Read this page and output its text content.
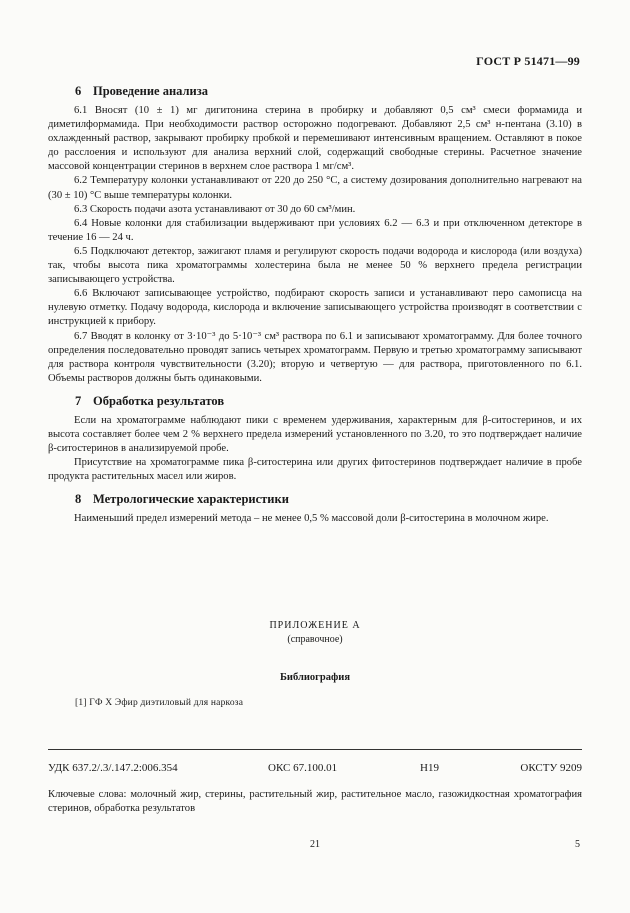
ГОСТ Р 51471—99
6 Проведение анализа

6.1 Вносят (10 ± 1) мг дигитонина стерина в пробирку и добавляют 0,5 см³ смеси формамида и диметилформамида. При необходимости раствор осторожно подогревают. Добавляют 2,5 см³ н-пентана (3.10) в охлажденный раствор, закрывают пробирку пробкой и перемешивают интенсивным вращением. Оставляют в покое до расслоения и используют для анализа верхний слой, содержащий свободные стерины. Расчетное значение массовой концентрации стеринов в верхнем слое раствора 1 мг/см³.

6.2 Температуру колонки устанавливают от 220 до 250 °С, а систему дозирования дополнительно нагревают на (30 ± 10) °С выше температуры колонки.

6.3 Скорость подачи азота устанавливают от 30 до 60 см³/мин.

6.4 Новые колонки для стабилизации выдерживают при условиях 6.2 — 6.3 и при отключенном детекторе в течение 16 — 24 ч.

6.5 Подключают детектор, зажигают пламя и регулируют скорость подачи водорода и кислорода (или воздуха) так, чтобы высота пика хроматограммы холестерина была не менее 50 % верхнего предела регистрации записывающего устройства.

6.6 Включают записывающее устройство, подбирают скорость записи и устанавливают перо самописца на нулевую отметку. Подачу водорода, кислорода и включение записывающего устройства производят в соответствии с инструкцией к прибору.

6.7 Вводят в колонку от 3·10⁻³ до 5·10⁻³ см³ раствора по 6.1 и записывают хроматограмму. Для более точного определения последовательно проводят запись четырех хроматограмм. Первую и третью хроматограмму записывают для раствора контроля чувствительности (3.20); вторую и четвертую — для раствора, приготовленного по 6.1. Объемы растворов должны быть одинаковыми.

7 Обработка результатов

Если на хроматограмме наблюдают пики с временем удерживания, характерным для β-ситостеринов, и их высота составляет более чем 2 % верхнего предела измерений установленного по 3.20, то это подтверждает наличие β-ситостеринов в анализируемой пробе.

Присутствие на хроматограмме пика β-ситостерина или других фитостеринов подтверждает наличие в пробе продукта растительных масел или жиров.

8 Метрологические характеристики

Наименьший предел измерений метода – не менее 0,5 % массовой доли β-ситостерина в молочном жире.

ПРИЛОЖЕНИЕ А
(справочное)
Библиография
[1] ГФ X Эфир диэтиловый для наркоза
УДК 637.2/.3/.147.2:006.354	ОКС 67.100.01	Н19	ОКСТУ 9209
Ключевые слова: молочный жир, стерины, растительный жир, растительное масло, газожидкостная хроматография стеринов, обработка результатов
21	5
